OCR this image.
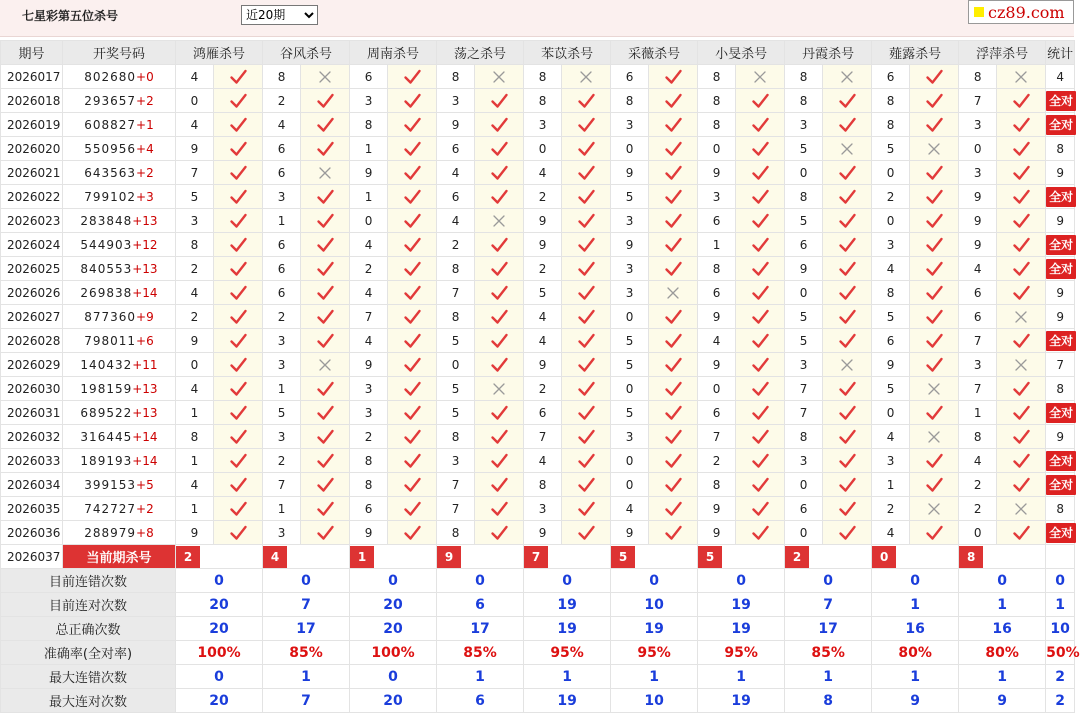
七星彩第五位杀号
近20期	cz89.com
期号	开奖号码	鸿雁杀号		谷风杀号		周南杀号		荡之杀号		苯苡杀号		采薇杀号		小旻杀号		丹霞杀号		薤露杀号		浮萍杀号		统计
2026017	802680+0	4		8		6		8		8		6		8		8		6		8		4
2026018	293657+2	0		2		3		3		8		8		8		8		8		7		全对
2026019	608827+1	4		4		8		9		3		3		8		3		8		3		全对
2026020	550956+4	9		6		1		6		0		0		0		5		5		0		8
2026021	643563+2	7		6		9		4		4		9		9		0		0		3		9
2026022	799102+3	5		3		1		6		2		5		3		8		2		9		全对
2026023	283848+13	3		1		0		4		9		3		6		5		0		9		9
2026024	544903+12	8		6		4		2		9		9		1		6		3		9		全对
2026025	840553+13	2		6		2		8		2		3		8		9		4		4		全对
2026026	269838+14	4		6		4		7		5		3		6		0		8		6		9
2026027	877360+9	2		2		7		8		4		0		9		5		5		6		9
2026028	798011+6	9		3		4		5		4		5		4		5		6		7		全对
2026029	140432+11	0		3		9		0		9		5		9		3		9		3		7
2026030	198159+13	4		1		3		5		2		0		0		7		5		7		8
2026031	689522+13	1		5		3		5		6		5		6		7		0		1		全对
2026032	316445+14	8		3		2		8		7		3		7		8		4		8		9
2026033	189193+14	1		2		8		3		4		0		2		3		3		4		全对
2026034	399153+5	4		7		8		7		8		0		8		0		1		2		全对
2026035	742727+2	1		1		6		7		3		4		9		6		2		2		8
2026036	288979+8	9		3		9		8		9		9		9		0		4		0		全对
2026037	当前期杀号	2		4		1		9		7		5		5		2		0		8		
目前连错次数		0		0		0		0		0		0		0		0		0		0		0
目前连对次数		20		7		20		6		19		10		19		7		1		1		1
总正确次数		20		17		20		17		19		19		19		17		16		16		10
准确率(全对率)		100%		85%		100%		85%		95%		95%		95%		85%		80%		80%		50%
最大连错次数		0		1		0		1		1		1		1		1		1		1		2
最大连对次数		20		7		20		6		19		10		19		8		9		9		2
